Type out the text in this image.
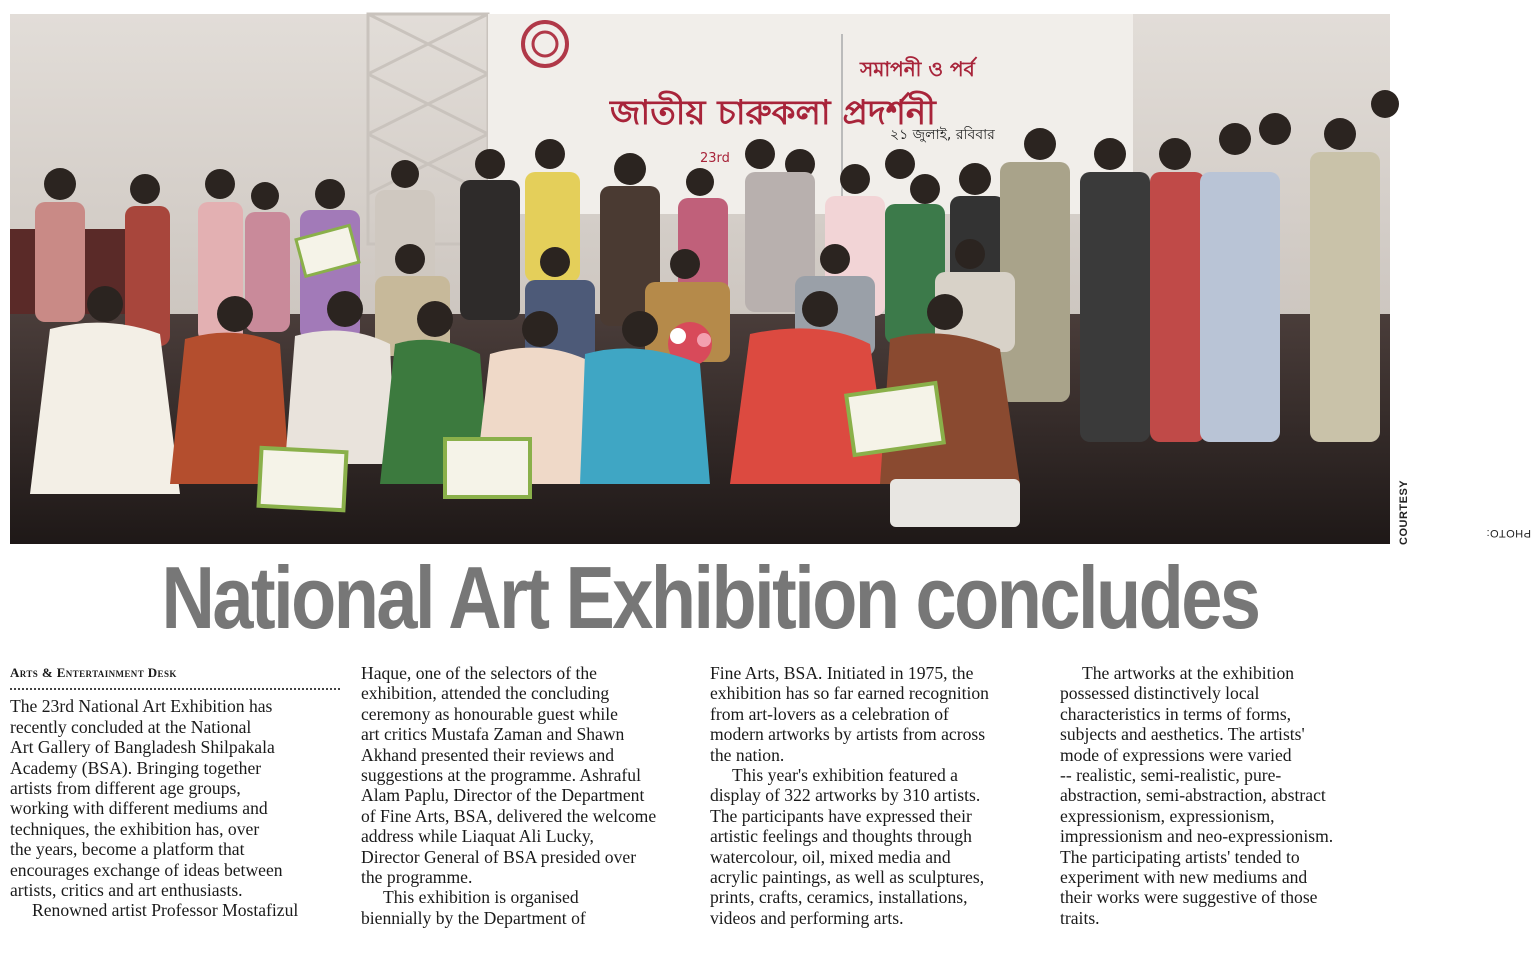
জাতীয় চারুকলা প্রদর্শনী
23rd
সমাপনী ও পর্ব
২১ জুলাই, রবিবার
PHOTO:
COURTESY
National Art Exhibition concludes
Arts & Entertainment Desk

The 23rd National Art Exhibition has
recently concluded at the National
Art Gallery of Bangladesh Shilpakala
Academy (BSA). Bringing together
artists from different age groups,
working with different mediums and
techniques, the exhibition has, over
the years, become a platform that
encourages exchange of ideas between
artists, critics and art enthusiasts.

Renowned artist Professor Mostafizul

Haque, one of the selectors of the
exhibition, attended the concluding
ceremony as honourable guest while
art critics Mustafa Zaman and Shawn
Akhand presented their reviews and
suggestions at the programme. Ashraful
Alam Paplu, Director of the Department
of Fine Arts, BSA, delivered the welcome
address while Liaquat Ali Lucky,
Director General of BSA presided over
the programme.

This exhibition is organised
biennially by the Department of

Fine Arts, BSA. Initiated in 1975, the
exhibition has so far earned recognition
from art-lovers as a celebration of
modern artworks by artists from across
the nation.

This year's exhibition featured a
display of 322 artworks by 310 artists.
The participants have expressed their
artistic feelings and thoughts through
watercolour, oil, mixed media and
acrylic paintings, as well as sculptures,
prints, crafts, ceramics, installations,
videos and performing arts.

The artworks at the exhibition
possessed distinctively local
characteristics in terms of forms,
subjects and aesthetics. The artists'
mode of expressions were varied
-- realistic, semi-realistic, pure-
abstraction, semi-abstraction, abstract
expressionism, expressionism,
impressionism and neo-expressionism.
The participating artists' tended to
experiment with new mediums and
their works were suggestive of those
traits.
